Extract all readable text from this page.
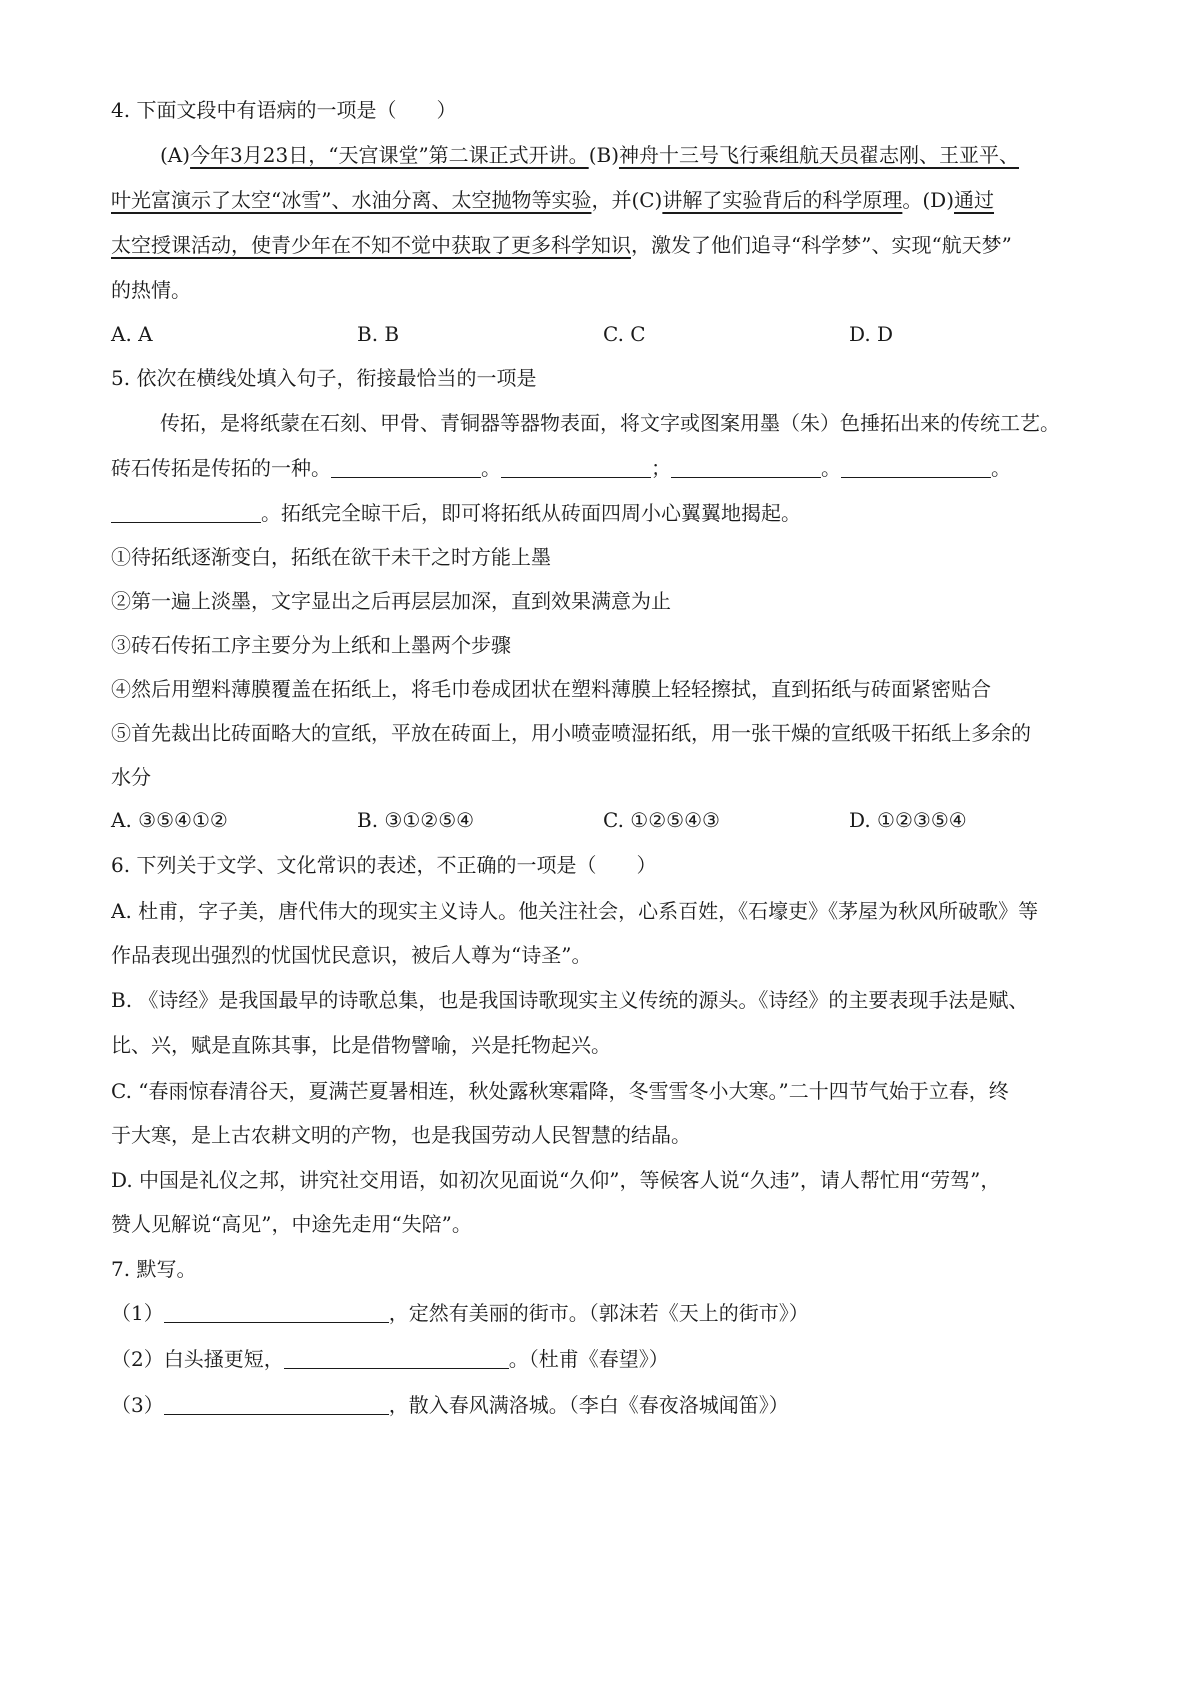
4. 下面文段中有语病的一项是（　　）
(A)今年3月23日，“天宫课堂”第二课正式开讲。(B)神舟十三号飞行乘组航天员翟志刚、王亚平、
叶光富演示了太空“冰雪”、水油分离、太空抛物等实验，并(C)讲解了实验背后的科学原理。(D)通过
太空授课活动，使青少年在不知不觉中获取了更多科学知识，激发了他们追寻“科学梦”、实现“航天梦”
的热情。
A. A	B. B	C. C	D. D
5. 依次在横线处填入句子，衔接最恰当的一项是
传拓，是将纸蒙在石刻、甲骨、青铜器等器物表面，将文字或图案用墨（朱）色捶拓出来的传统工艺。
砖石传拓是传拓的一种。	。	；	。	。
。拓纸完全晾干后，即可将拓纸从砖面四周小心翼翼地揭起。
①待拓纸逐渐变白，拓纸在欲干未干之时方能上墨
②第一遍上淡墨，文字显出之后再层层加深，直到效果满意为止
③砖石传拓工序主要分为上纸和上墨两个步骤
④然后用塑料薄膜覆盖在拓纸上，将毛巾卷成团状在塑料薄膜上轻轻擦拭，直到拓纸与砖面紧密贴合
⑤首先裁出比砖面略大的宣纸，平放在砖面上，用小喷壶喷湿拓纸，用一张干燥的宣纸吸干拓纸上多余的
水分
A. ③⑤④①②	B. ③①②⑤④	C. ①②⑤④③	D. ①②③⑤④
6. 下列关于文学、文化常识的表述，不正确的一项是（　　）
A. 杜甫，字子美，唐代伟大的现实主义诗人。他关注社会，心系百姓，《石壕吏》《茅屋为秋风所破歌》等
作品表现出强烈的忧国忧民意识，被后人尊为“诗圣”。
B. 《诗经》是我国最早的诗歌总集，也是我国诗歌现实主义传统的源头。《诗经》的主要表现手法是赋、
比、兴，赋是直陈其事，比是借物譬喻，兴是托物起兴。
C. “春雨惊春清谷天，夏满芒夏暑相连，秋处露秋寒霜降，冬雪雪冬小大寒。”二十四节气始于立春，终
于大寒，是上古农耕文明的产物，也是我国劳动人民智慧的结晶。
D. 中国是礼仪之邦，讲究社交用语，如初次见面说“久仰”，等候客人说“久违”，请人帮忙用“劳驾”，
赞人见解说“高见”，中途先走用“失陪”。
7. 默写。
（1）	，定然有美丽的街市。（郭沫若《天上的街市》）
（2）白头搔更短，	。（杜甫《春望》）
（3）	，散入春风满洛城。（李白《春夜洛城闻笛》）
